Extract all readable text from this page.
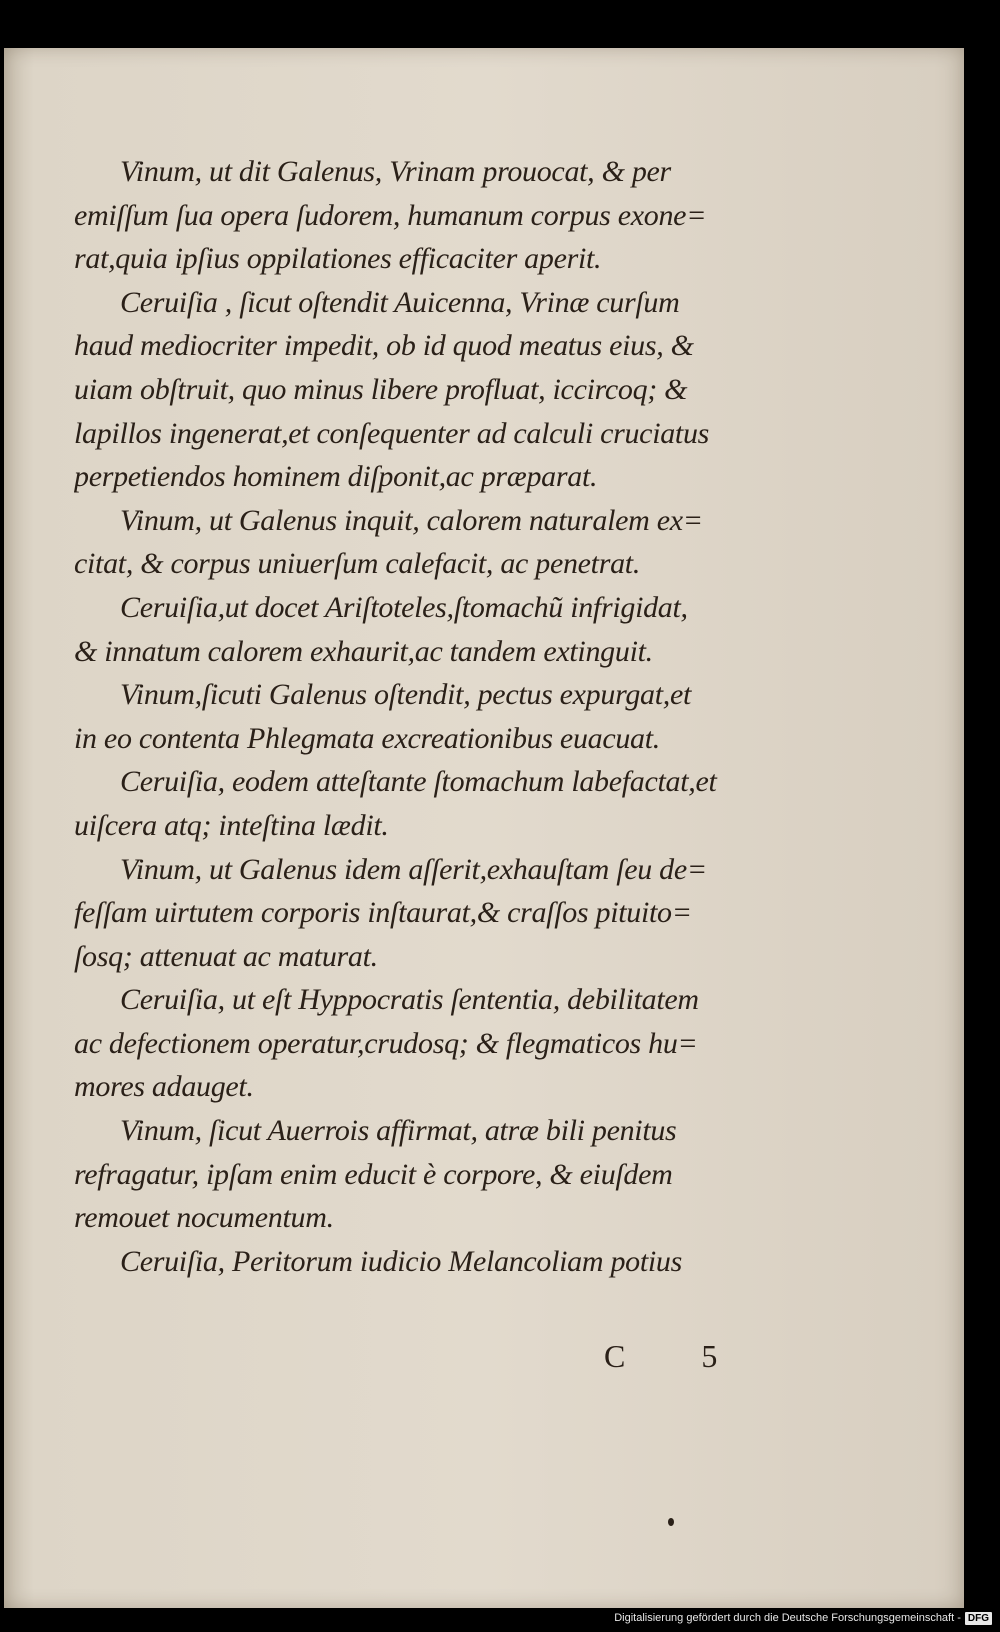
Vinum, ut dit Galenus, Vrinam prouocat, & per
emiſſum ſua opera ſudorem, humanum corpus exone=
rat,quia ipſius oppilationes efficaciter aperit.

Ceruiſia , ſicut oſtendit Auicenna, Vrinæ curſum
haud mediocriter impedit, ob id quod meatus eius, &
uiam obſtruit, quo minus libere profluat, iccircoq; &
lapillos ingenerat,et conſequenter ad calculi cruciatus
perpetiendos hominem diſponit,ac præparat.

Vinum, ut Galenus inquit, calorem naturalem ex=
citat, & corpus uniuerſum calefacit, ac penetrat.

Ceruiſia,ut docet Ariſtoteles,ſtomachũ infrigidat,
& innatum calorem exhaurit,ac tandem extinguit.

Vinum,ſicuti Galenus oſtendit, pectus expurgat,et
in eo contenta Phlegmata excreationibus euacuat.

Ceruiſia, eodem atteſtante ſtomachum labefactat,et
uiſcera atq; inteſtina lædit.

Vinum, ut Galenus idem aſſerit,exhauſtam ſeu de=
feſſam uirtutem corporis inſtaurat,& craſſos pituito=
ſosq; attenuat ac maturat.

Ceruiſia, ut eſt Hyppocratis ſententia, debilitatem
ac defectionem operatur,crudosq; & flegmaticos hu=
mores adauget.

Vinum, ſicut Auerrois affirmat, atræ bili penitus
refragatur, ipſam enim educit è corpore, & eiuſdem
remouet nocumentum.

Ceruiſia, Peritorum iudicio Melancoliam potius

C 5
Digitalisierung gefördert durch die Deutsche Forschungsgemeinschaft - DFG
